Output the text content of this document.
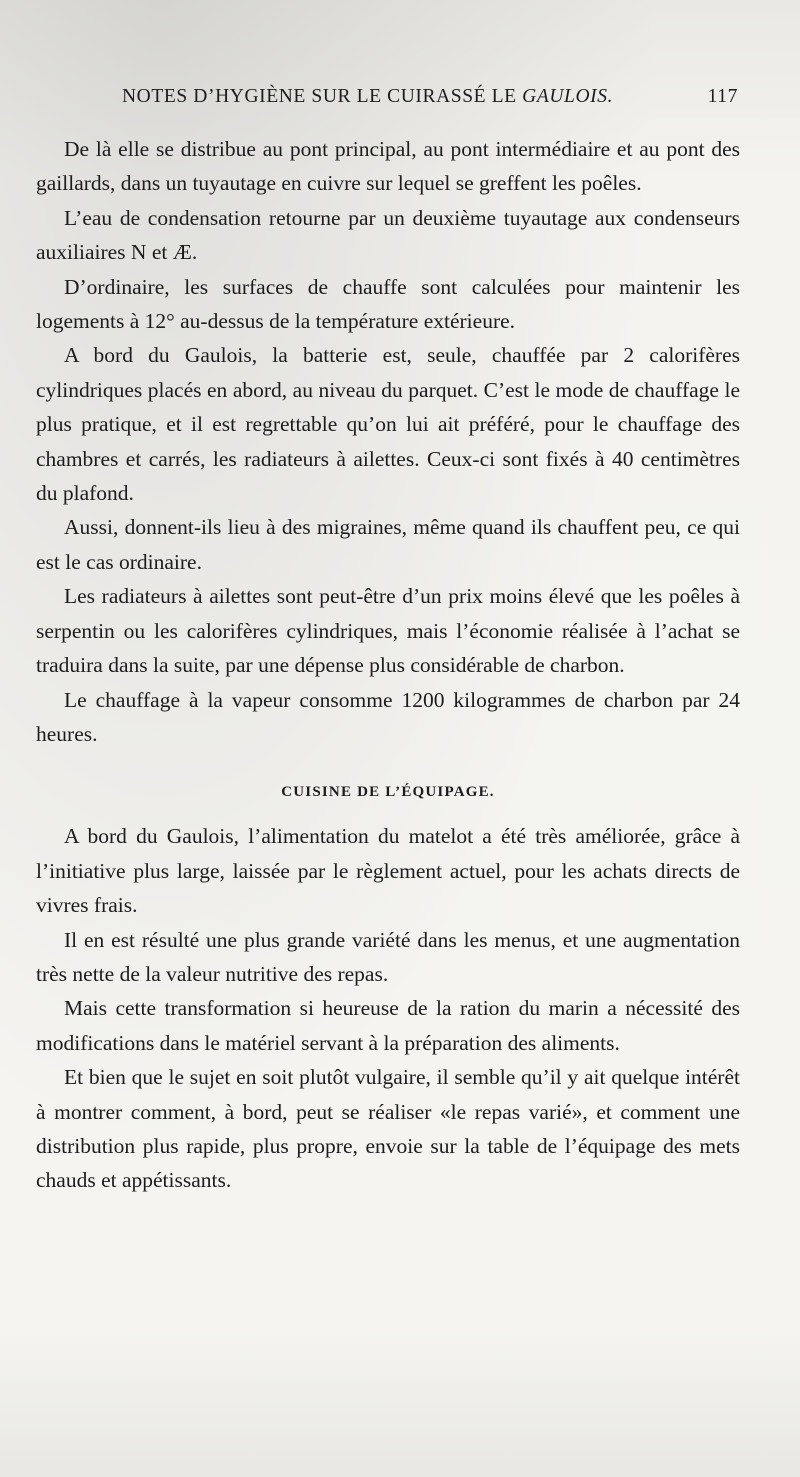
NOTES D’HYGIÈNE SUR LE CUIRASSÉ LE GAULOIS.	117

De là elle se distribue au pont principal, au pont intermédiaire et au pont des gaillards, dans un tuyautage en cuivre sur lequel se greffent les poêles.

L’eau de condensation retourne par un deuxième tuyautage aux condenseurs auxiliaires N et Æ.

D’ordinaire, les surfaces de chauffe sont calculées pour maintenir les logements à 12° au-dessus de la température extérieure.

A bord du Gaulois, la batterie est, seule, chauffée par 2 calorifères cylindriques placés en abord, au niveau du parquet. C’est le mode de chauffage le plus pratique, et il est regrettable qu’on lui ait préféré, pour le chauffage des chambres et carrés, les radiateurs à ailettes. Ceux-ci sont fixés à 40 centimètres du plafond.

Aussi, donnent-ils lieu à des migraines, même quand ils chauffent peu, ce qui est le cas ordinaire.

Les radiateurs à ailettes sont peut-être d’un prix moins élevé que les poêles à serpentin ou les calorifères cylindriques, mais l’économie réalisée à l’achat se traduira dans la suite, par une dépense plus considérable de charbon.

Le chauffage à la vapeur consomme 1200 kilogrammes de charbon par 24 heures.

CUISINE DE L’ÉQUIPAGE.

A bord du Gaulois, l’alimentation du matelot a été très améliorée, grâce à l’initiative plus large, laissée par le règlement actuel, pour les achats directs de vivres frais.

Il en est résulté une plus grande variété dans les menus, et une augmentation très nette de la valeur nutritive des repas.

Mais cette transformation si heureuse de la ration du marin a nécessité des modifications dans le matériel servant à la préparation des aliments.

Et bien que le sujet en soit plutôt vulgaire, il semble qu’il y ait quelque intérêt à montrer comment, à bord, peut se réaliser «le repas varié», et comment une distribution plus rapide, plus propre, envoie sur la table de l’équipage des mets chauds et appétissants.
